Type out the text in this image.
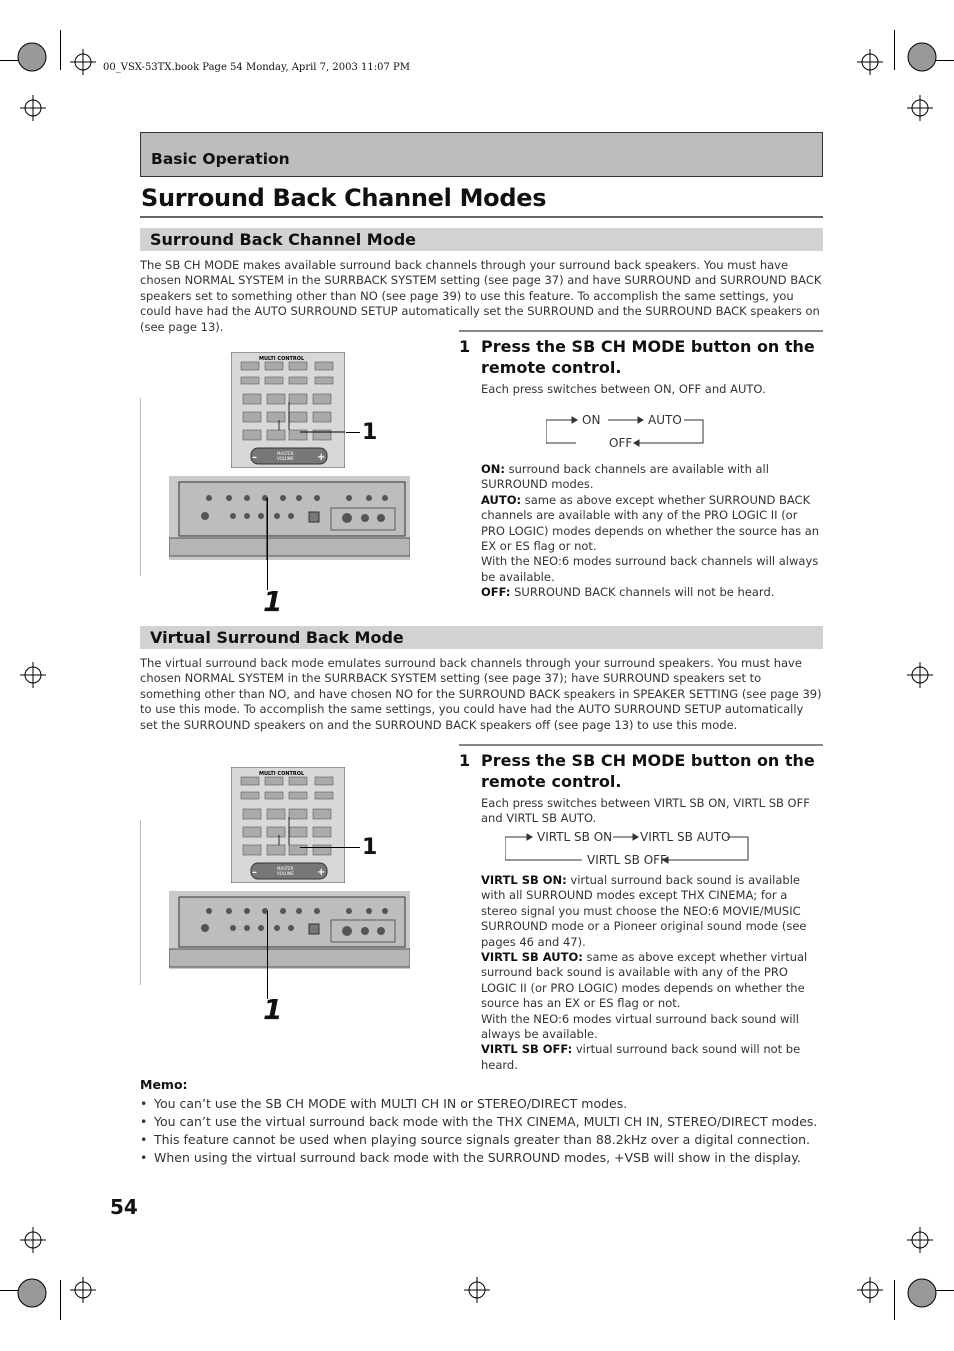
00_VSX-53TX.book Page 54 Monday, April 7, 2003 11:07 PM
Basic Operation
Surround Back Channel Modes
Surround Back Channel Mode
The SB CH MODE makes available surround back channels through your surround back speakers. You must have chosen NORMAL SYSTEM in the SURRBACK SYSTEM setting (see page 37) and have SURROUND and SURROUND BACK speakers set to something other than NO (see page 39) to use this feature. To accomplish the same settings, you could have had the AUTO SURROUND SETUP automatically set the SURROUND and the SURROUND BACK speakers on (see page 13).
MULTI CONTROL
–	+
MASTER
VOLUME
1
1
1 Press the SB CH MODE button on the remote control.
Each press switches between ON, OFF and AUTO.
ON	AUTO
OFF
ON: surround back channels are available with all SURROUND modes.
AUTO: same as above except whether SURROUND BACK channels are available with any of the PRO LOGIC II (or PRO LOGIC) modes depends on whether the source has an EX or ES flag or not.
With the NEO:6 modes surround back channels will always be available.
OFF: SURROUND BACK channels will not be heard.
Virtual Surround Back Mode
The virtual surround back mode emulates surround back channels through your surround speakers. You must have chosen NORMAL SYSTEM in the SURRBACK SYSTEM setting (see page 37); have SURROUND speakers set to something other than NO, and have chosen NO for the SURROUND BACK speakers in SPEAKER SETTING (see page 39) to use this mode. To accomplish the same settings, you could have had the AUTO SURROUND SETUP automatically set the SURROUND speakers on and the SURROUND BACK speakers off (see page 13) to use this mode.
MULTI CONTROL
–	+
MASTER
VOLUME
1
1
1 Press the SB CH MODE button on the remote control.
Each press switches between VIRTL SB ON, VIRTL SB OFF and VIRTL SB AUTO.
VIRTL SB ON VIRTL SB AUTO
VIRTL SB OFF
VIRTL SB ON: virtual surround back sound is available with all SURROUND modes except THX CINEMA; for a stereo signal you must choose the NEO:6 MOVIE/MUSIC SURROUND mode or a Pioneer original sound mode (see pages 46 and 47).
VIRTL SB AUTO: same as above except whether virtual surround back sound is available with any of the PRO LOGIC II (or PRO LOGIC) modes depends on whether the source has an EX or ES flag or not.
With the NEO:6 modes virtual surround back sound will always be available.
VIRTL SB OFF: virtual surround back sound will not be heard.
Memo:
• You can’t use the SB CH MODE with MULTI CH IN or STEREO/DIRECT modes.
• You can’t use the virtual surround back mode with the THX CINEMA, MULTI CH IN, STEREO/DIRECT modes.
• This feature cannot be used when playing source signals greater than 88.2kHz over a digital connection.
• When using the virtual surround back mode with the SURROUND modes, +VSB will show in the display.
54
